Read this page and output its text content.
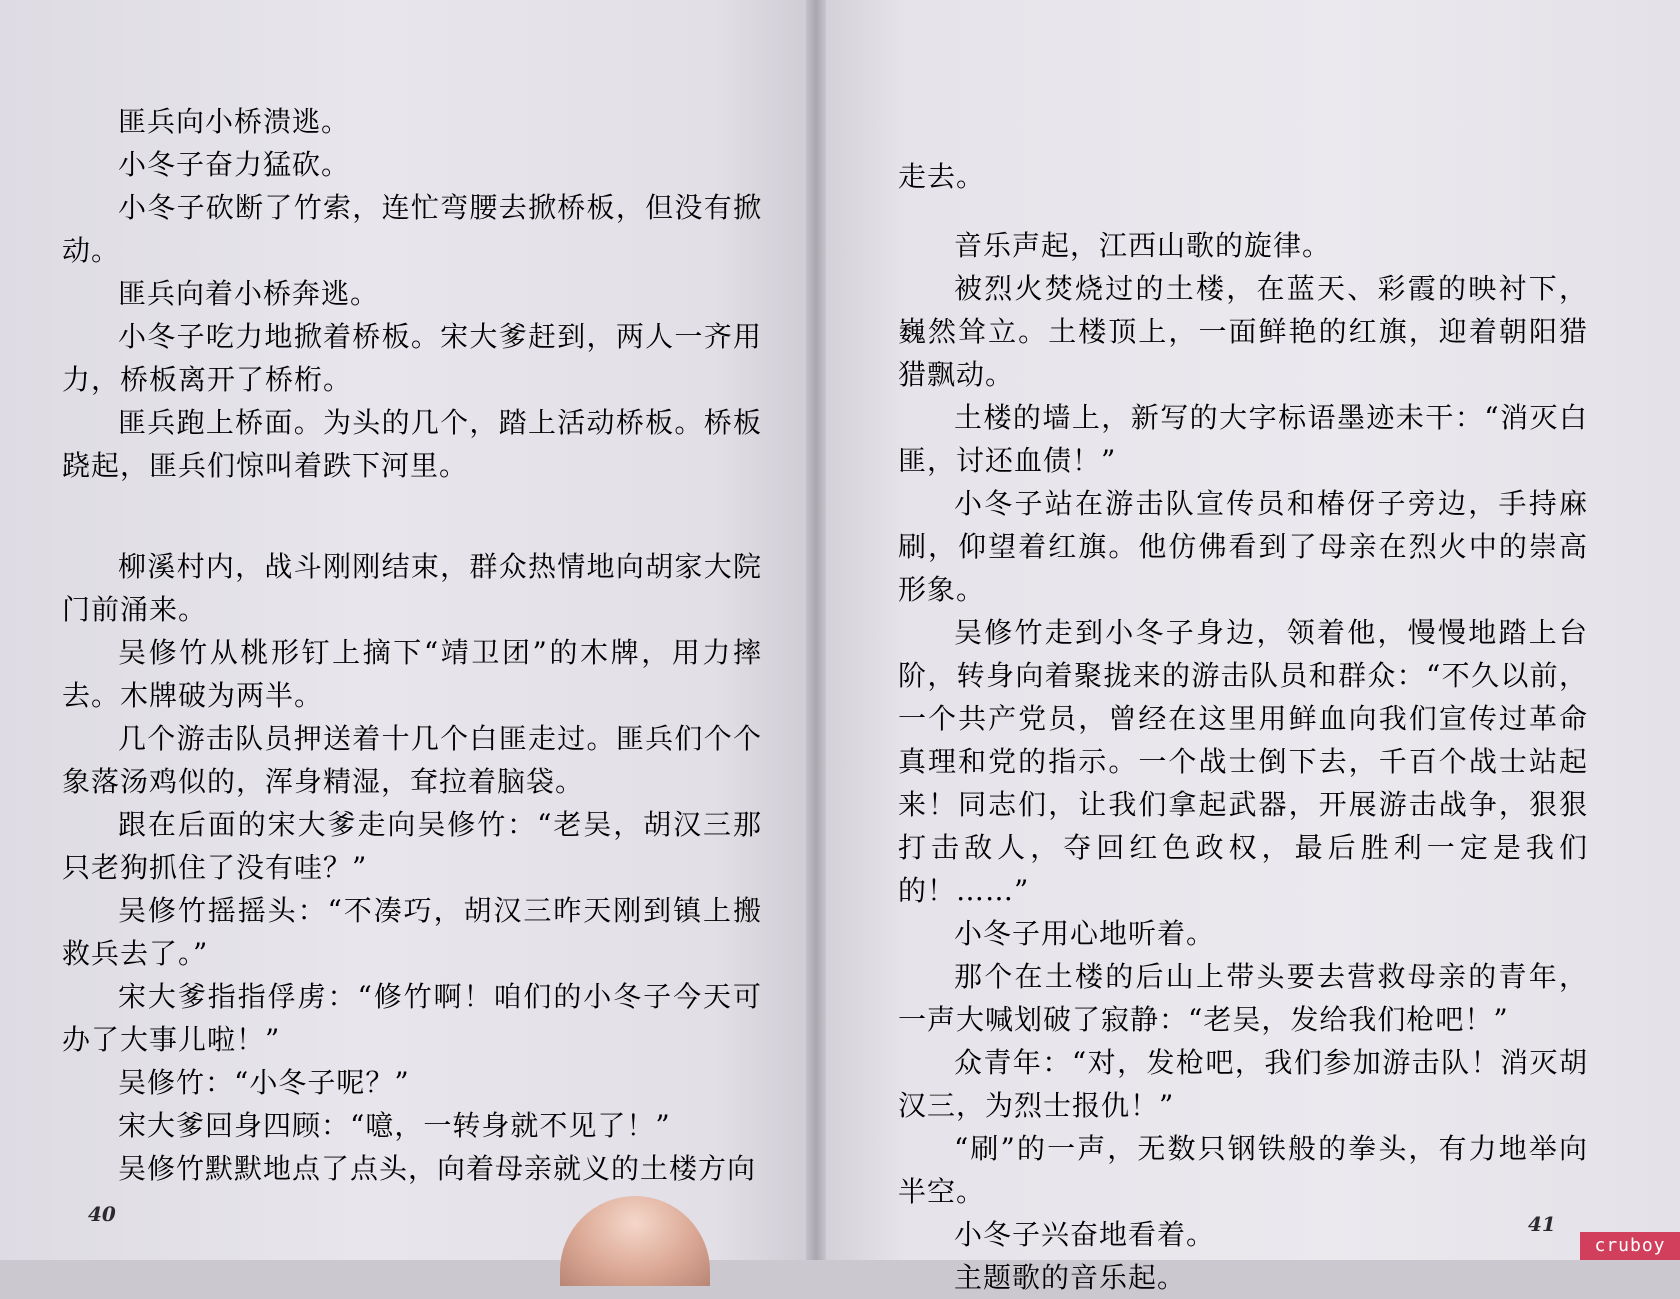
匪兵向小桥溃逃。

小冬子奋力猛砍。

小冬子砍断了竹索，连忙弯腰去掀桥板，但没有掀动。

匪兵向着小桥奔逃。

小冬子吃力地掀着桥板。宋大爹赶到，两人一齐用力，桥板离开了桥桁。

匪兵跑上桥面。为头的几个，踏上活动桥板。桥板跷起，匪兵们惊叫着跌下河里。

柳溪村内，战斗刚刚结束，群众热情地向胡家大院门前涌来。

吴修竹从桃形钉上摘下“靖卫团”的木牌，用力摔去。木牌破为两半。

几个游击队员押送着十几个白匪走过。匪兵们个个象落汤鸡似的，浑身精湿，耷拉着脑袋。

跟在后面的宋大爹走向吴修竹：“老吴，胡汉三那只老狗抓住了没有哇？”

吴修竹摇摇头：“不凑巧，胡汉三昨天刚到镇上搬救兵去了。”

宋大爹指指俘虏：“修竹啊！咱们的小冬子今天可办了大事儿啦！”

吴修竹：“小冬子呢？”

宋大爹回身四顾：“噫，一转身就不见了！”

吴修竹默默地点了点头，向着母亲就义的土楼方向

走去。

音乐声起，江西山歌的旋律。

被烈火焚烧过的土楼，在蓝天、彩霞的映衬下，巍然耸立。土楼顶上，一面鲜艳的红旗，迎着朝阳猎猎飘动。

土楼的墙上，新写的大字标语墨迹未干：“消灭白匪，讨还血债！”

小冬子站在游击队宣传员和椿伢子旁边，手持麻刷，仰望着红旗。他仿佛看到了母亲在烈火中的崇高形象。

吴修竹走到小冬子身边，领着他，慢慢地踏上台阶，转身向着聚拢来的游击队员和群众：“不久以前，一个共产党员，曾经在这里用鲜血向我们宣传过革命真理和党的指示。一个战士倒下去，千百个战士站起来！同志们，让我们拿起武器，开展游击战争，狠狠打击敌人，夺回红色政权，最后胜利一定是我们的！……”

小冬子用心地听着。

那个在土楼的后山上带头要去营救母亲的青年，一声大喊划破了寂静：“老吴，发给我们枪吧！”

众青年：“对，发枪吧，我们参加游击队！消灭胡汉三，为烈士报仇！”

“刷”的一声，无数只钢铁般的拳头，有力地举向半空。

小冬子兴奋地看着。

主题歌的音乐起。

40	41
cruboy
